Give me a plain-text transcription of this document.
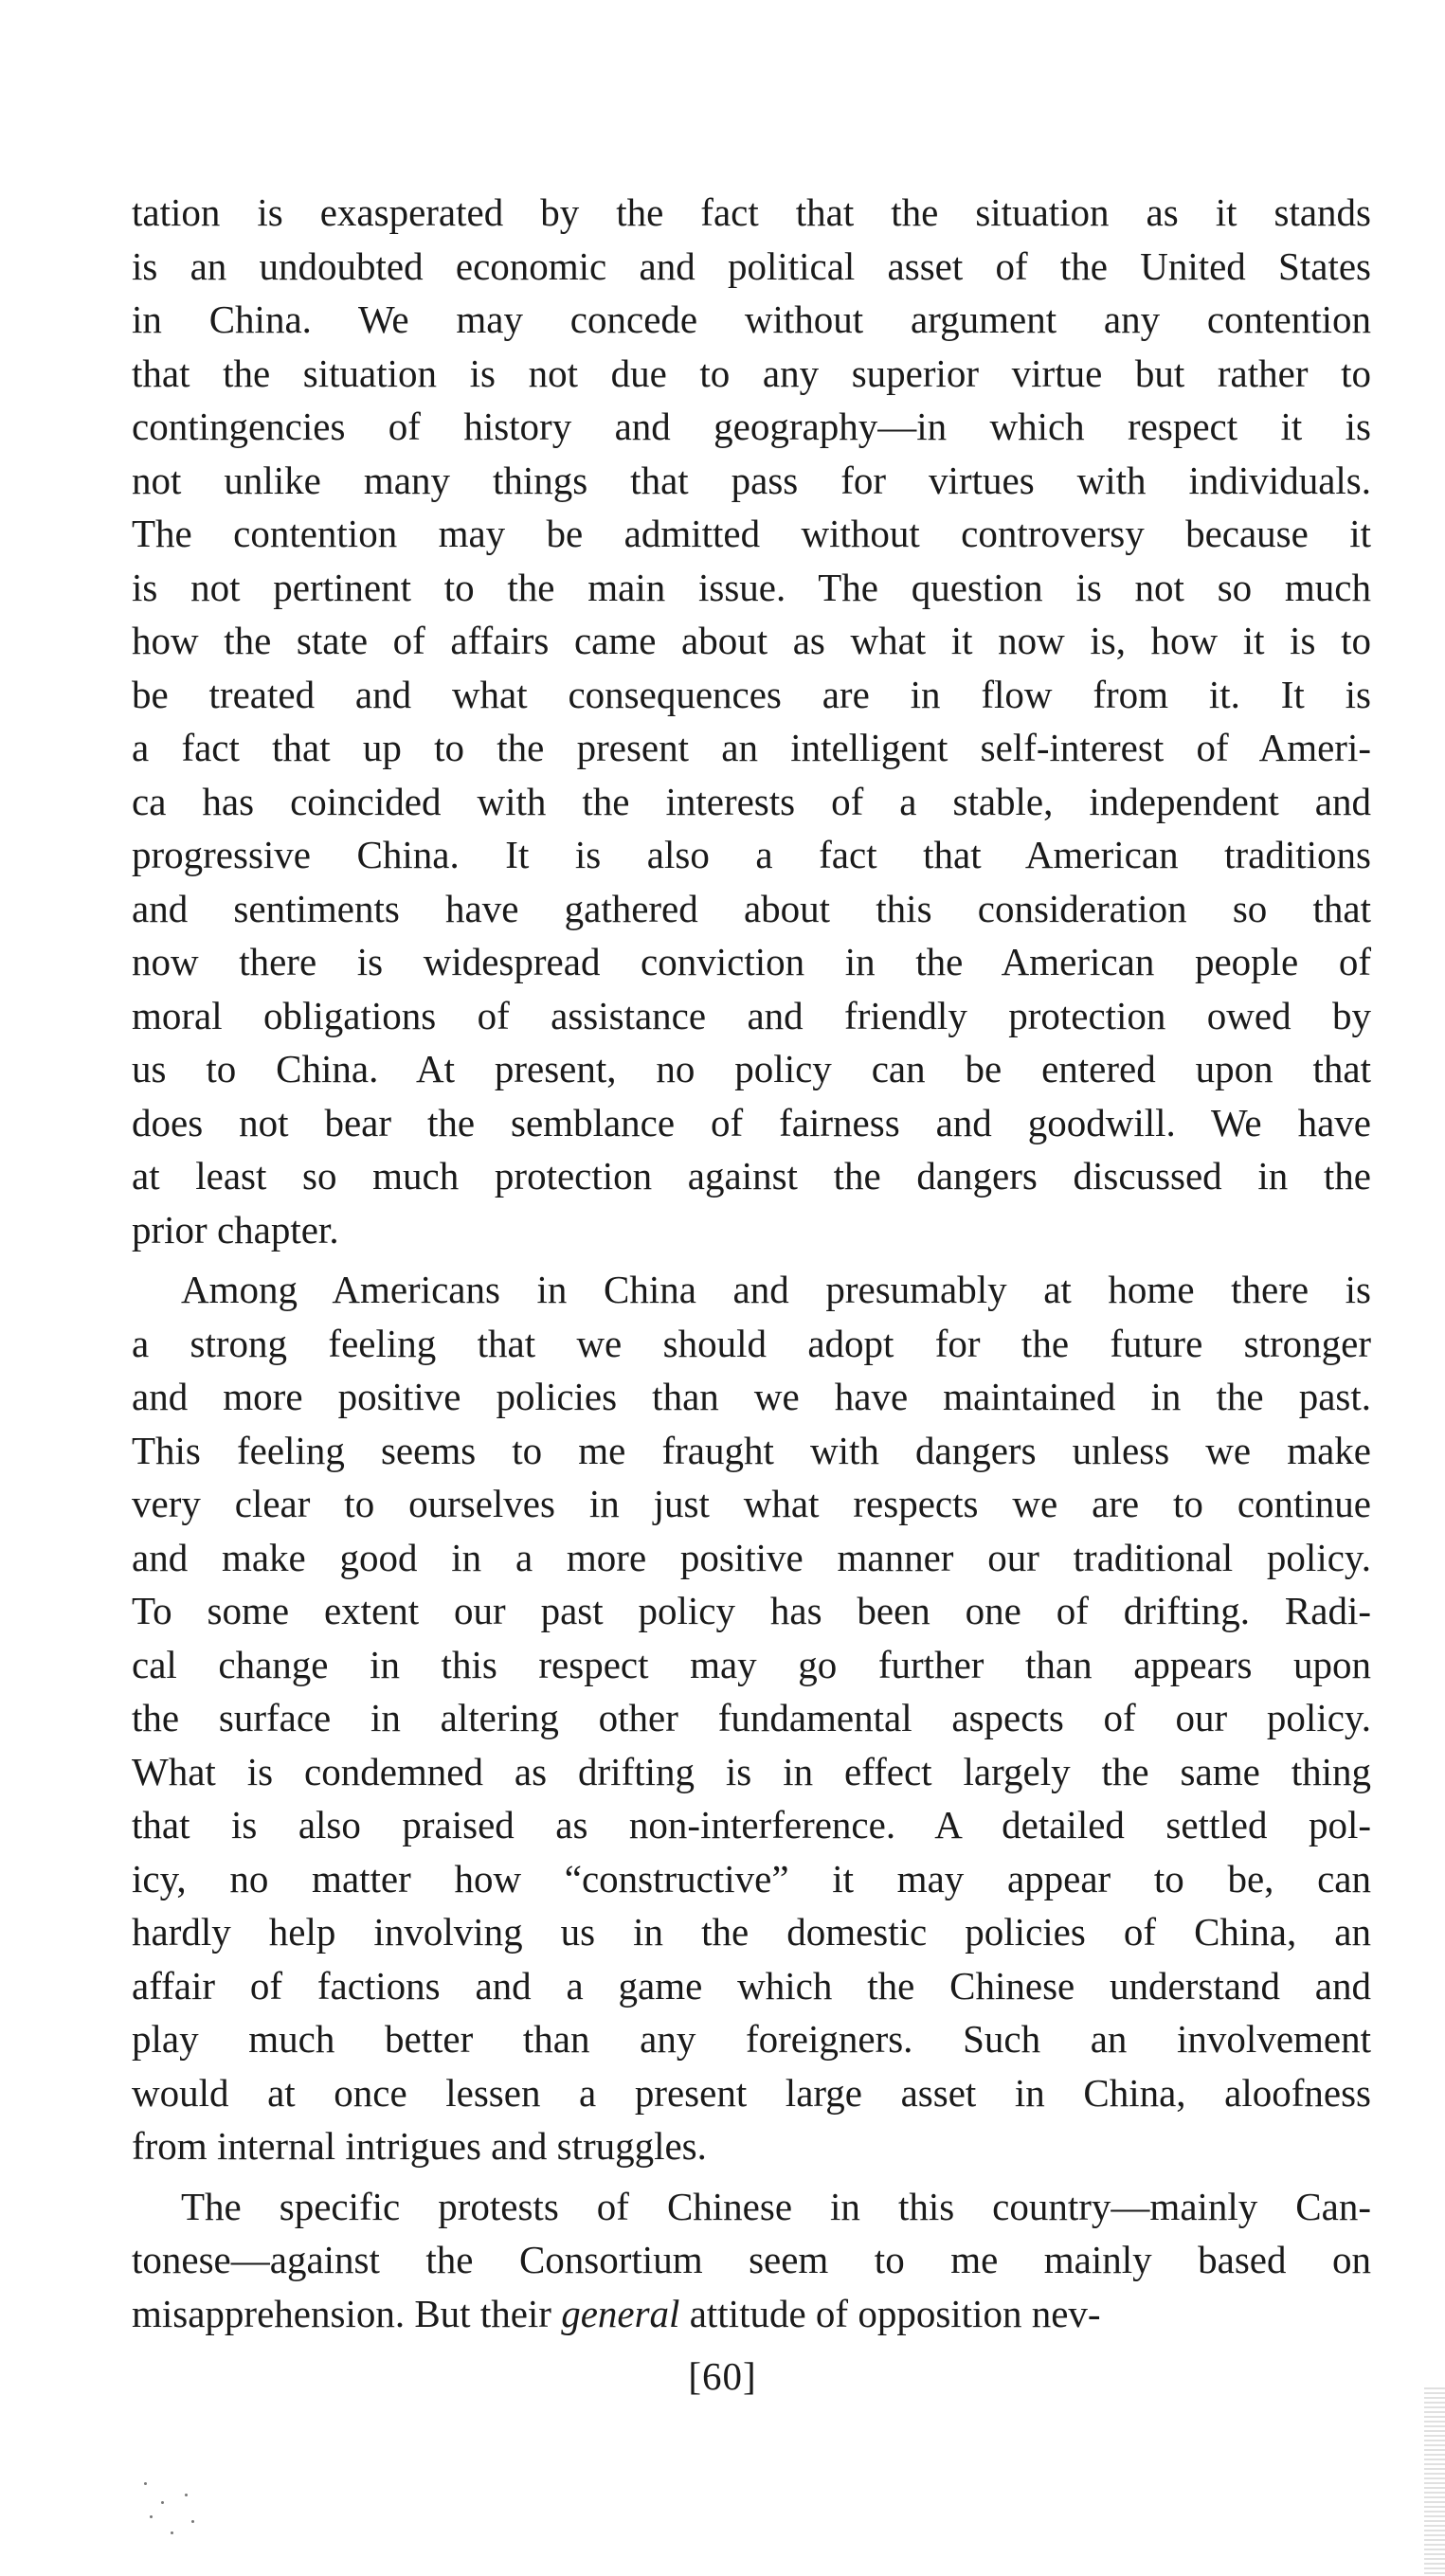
tation is exasperated by the fact that the situation as it stands
is an undoubted economic and political asset of the United States
in China. We may concede without argument any contention
that the situation is not due to any superior virtue but rather to
contingencies of history and geography—in which respect it is
not unlike many things that pass for virtues with individuals.
The contention may be admitted without controversy because it
is not pertinent to the main issue. The question is not so much
how the state of affairs came about as what it now is, how it is to
be treated and what consequences are in flow from it. It is
a fact that up to the present an intelligent self-interest of Ameri-
ca has coincided with the interests of a stable, independent and
progressive China. It is also a fact that American traditions
and sentiments have gathered about this consideration so that
now there is widespread conviction in the American people of
moral obligations of assistance and friendly protection owed by
us to China. At present, no policy can be entered upon that
does not bear the semblance of fairness and goodwill. We have
at least so much protection against the dangers discussed in the
prior chapter.
Among Americans in China and presumably at home there is
a strong feeling that we should adopt for the future stronger
and more positive policies than we have maintained in the past.
This feeling seems to me fraught with dangers unless we make
very clear to ourselves in just what respects we are to continue
and make good in a more positive manner our traditional policy.
To some extent our past policy has been one of drifting. Radi-
cal change in this respect may go further than appears upon
the surface in altering other fundamental aspects of our policy.
What is condemned as drifting is in effect largely the same thing
that is also praised as non-interference. A detailed settled pol-
icy, no matter how “constructive” it may appear to be, can
hardly help involving us in the domestic policies of China, an
affair of factions and a game which the Chinese understand and
play much better than any foreigners. Such an involvement
would at once lessen a present large asset in China, aloofness
from internal intrigues and struggles.
The specific protests of Chinese in this country—mainly Can-
tonese—against the Consortium seem to me mainly based on
misapprehension. But their general attitude of opposition nev-
[60]
